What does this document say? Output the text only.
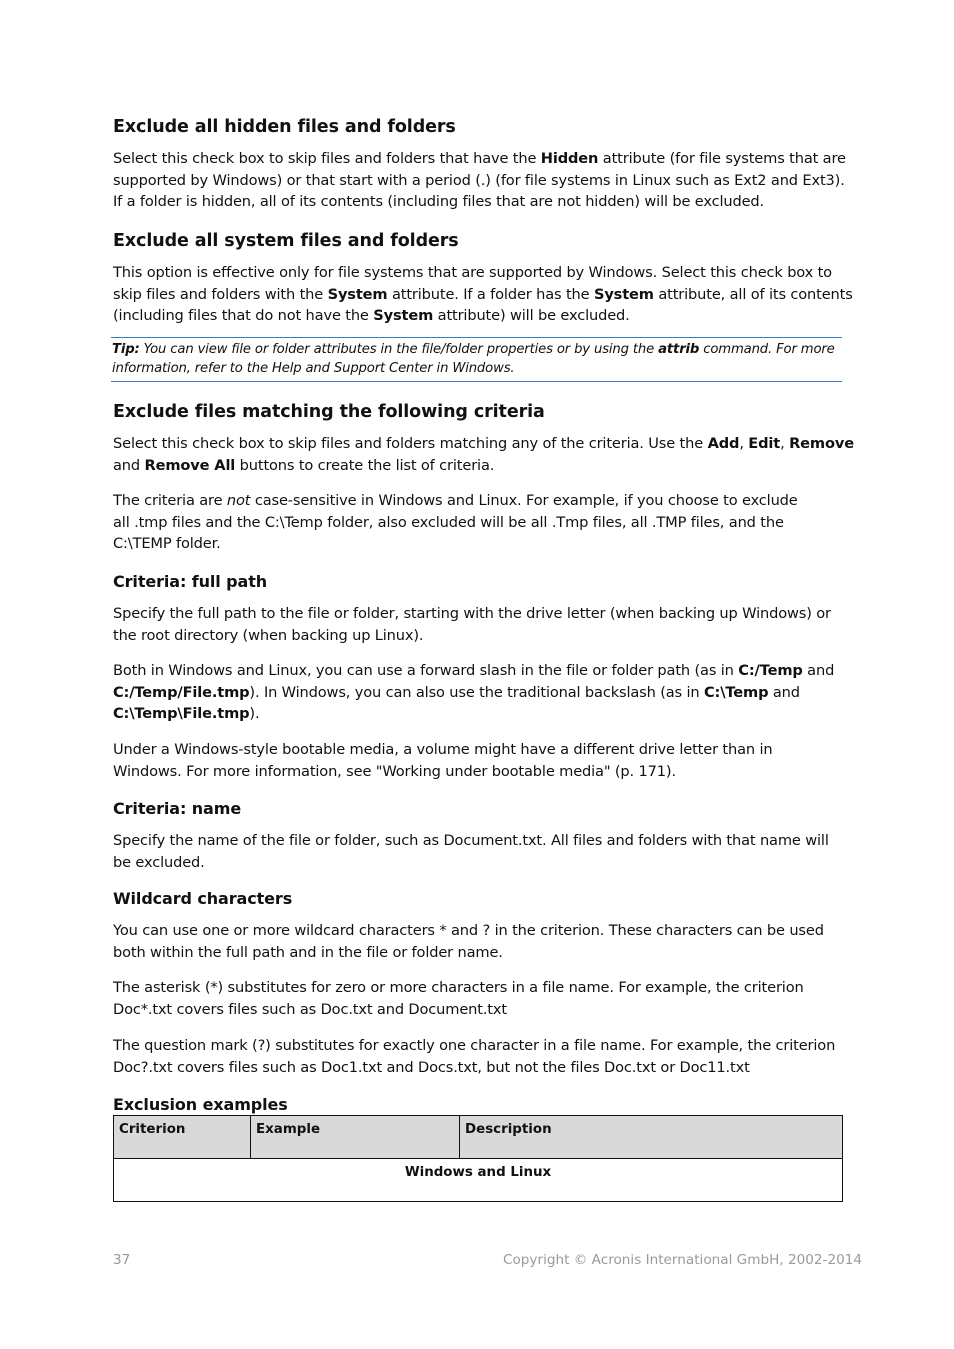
Exclude all hidden files and folders
Select this check box to skip files and folders that have the Hidden attribute (for file systems that are
supported by Windows) or that start with a period (.) (for file systems in Linux such as Ext2 and Ext3).
If a folder is hidden, all of its contents (including files that are not hidden) will be excluded.
Exclude all system files and folders
This option is effective only for file systems that are supported by Windows. Select this check box to
skip files and folders with the System attribute. If a folder has the System attribute, all of its contents
(including files that do not have the System attribute) will be excluded.
Tip: You can view file or folder attributes in the file/folder properties or by using the attrib command. For more
information, refer to the Help and Support Center in Windows.
Exclude files matching the following criteria
Select this check box to skip files and folders matching any of the criteria. Use the Add, Edit, Remove
and Remove All buttons to create the list of criteria.
The criteria are not case-sensitive in Windows and Linux. For example, if you choose to exclude
all .tmp files and the C:\Temp folder, also excluded will be all .Tmp files, all .TMP files, and the
C:\TEMP folder.
Criteria: full path
Specify the full path to the file or folder, starting with the drive letter (when backing up Windows) or
the root directory (when backing up Linux).
Both in Windows and Linux, you can use a forward slash in the file or folder path (as in C:/Temp and
C:/Temp/File.tmp). In Windows, you can also use the traditional backslash (as in C:\Temp and
C:\Temp\File.tmp).
Under a Windows-style bootable media, a volume might have a different drive letter than in
Windows. For more information, see "Working under bootable media" (p. 171).
Criteria: name
Specify the name of the file or folder, such as Document.txt. All files and folders with that name will
be excluded.
Wildcard characters
You can use one or more wildcard characters * and ? in the criterion. These characters can be used
both within the full path and in the file or folder name.
The asterisk (*) substitutes for zero or more characters in a file name. For example, the criterion
Doc*.txt covers files such as Doc.txt and Document.txt
The question mark (?) substitutes for exactly one character in a file name. For example, the criterion
Doc?.txt covers files such as Doc1.txt and Docs.txt, but not the files Doc.txt or Doc11.txt
Exclusion examples
Criterion	Example	Description
Windows and Linux
37	Copyright © Acronis International GmbH, 2002-2014
